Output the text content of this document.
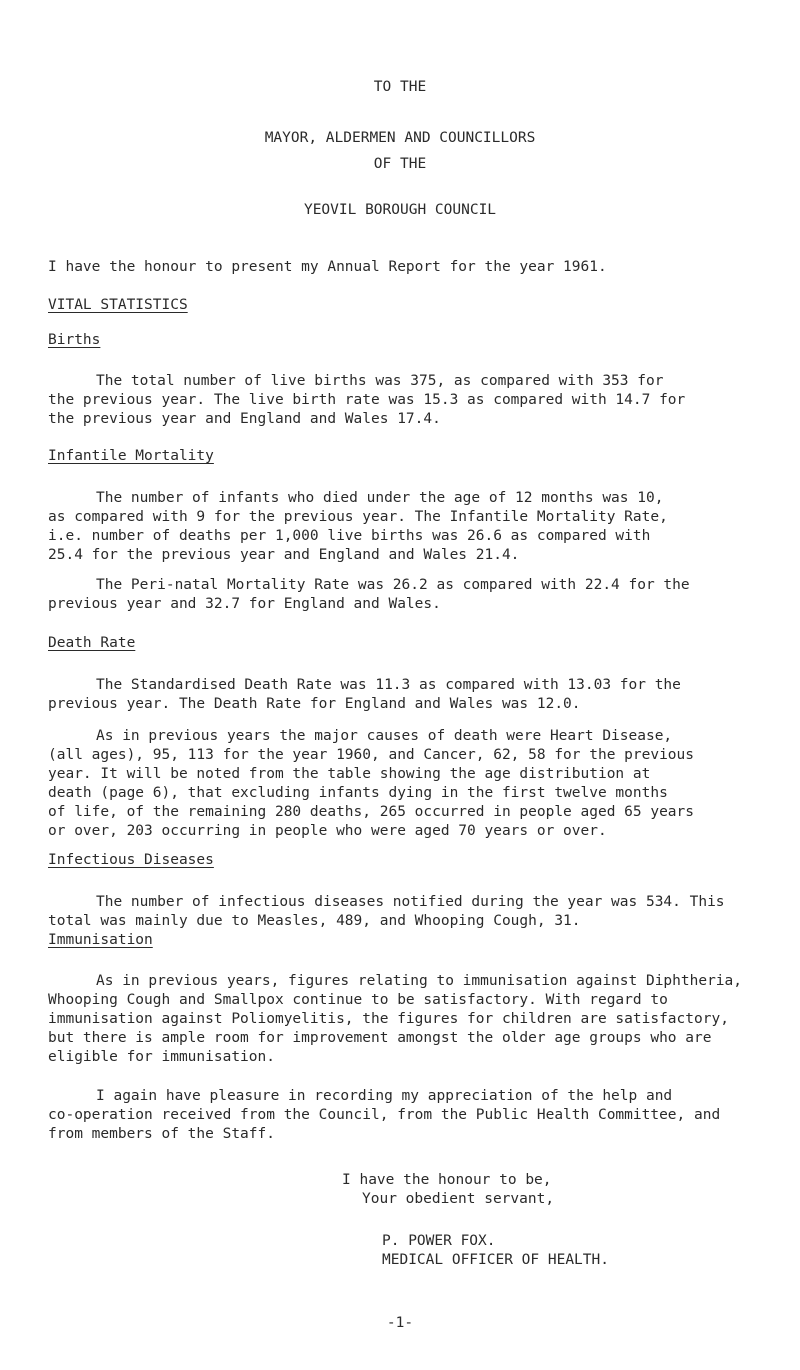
TO THE
MAYOR, ALDERMEN AND COUNCILLORS
OF THE
YEOVIL BOROUGH COUNCIL

I have the honour to present my Annual Report for the year 1961.

VITAL STATISTICS
Births

The total number of live births was 375, as compared with 353 for
the previous year. The live birth rate was 15.3 as compared with 14.7 for
the previous year and England and Wales 17.4.

Infantile Mortality

The number of infants who died under the age of 12 months was 10,
as compared with 9 for the previous year. The Infantile Mortality Rate,
i.e. number of deaths per 1,000 live births was 26.6 as compared with
25.4 for the previous year and England and Wales 21.4.

The Peri-natal Mortality Rate was 26.2 as compared with 22.4 for the
previous year and 32.7 for England and Wales.

Death Rate

The Standardised Death Rate was 11.3 as compared with 13.03 for the
previous year. The Death Rate for England and Wales was 12.0.

As in previous years the major causes of death were Heart Disease,
(all ages), 95, 113 for the year 1960, and Cancer, 62, 58 for the previous
year. It will be noted from the table showing the age distribution at
death (page 6), that excluding infants dying in the first twelve months
of life, of the remaining 280 deaths, 265 occurred in people aged 65 years
or over, 203 occurring in people who were aged 70 years or over.

Infectious Diseases

The number of infectious diseases notified during the year was 534. This
total was mainly due to Measles, 489, and Whooping Cough, 31.

Immunisation

As in previous years, figures relating to immunisation against Diphtheria,
Whooping Cough and Smallpox continue to be satisfactory. With regard to
immunisation against Poliomyelitis, the figures for children are satisfactory,
but there is ample room for improvement amongst the older age groups who are
eligible for immunisation.

I again have pleasure in recording my appreciation of the help and
co-operation received from the Council, from the Public Health Committee, and
from members of the Staff.

I have the honour to be,
Your obedient servant,
P. POWER FOX.
MEDICAL OFFICER OF HEALTH.
-1-
